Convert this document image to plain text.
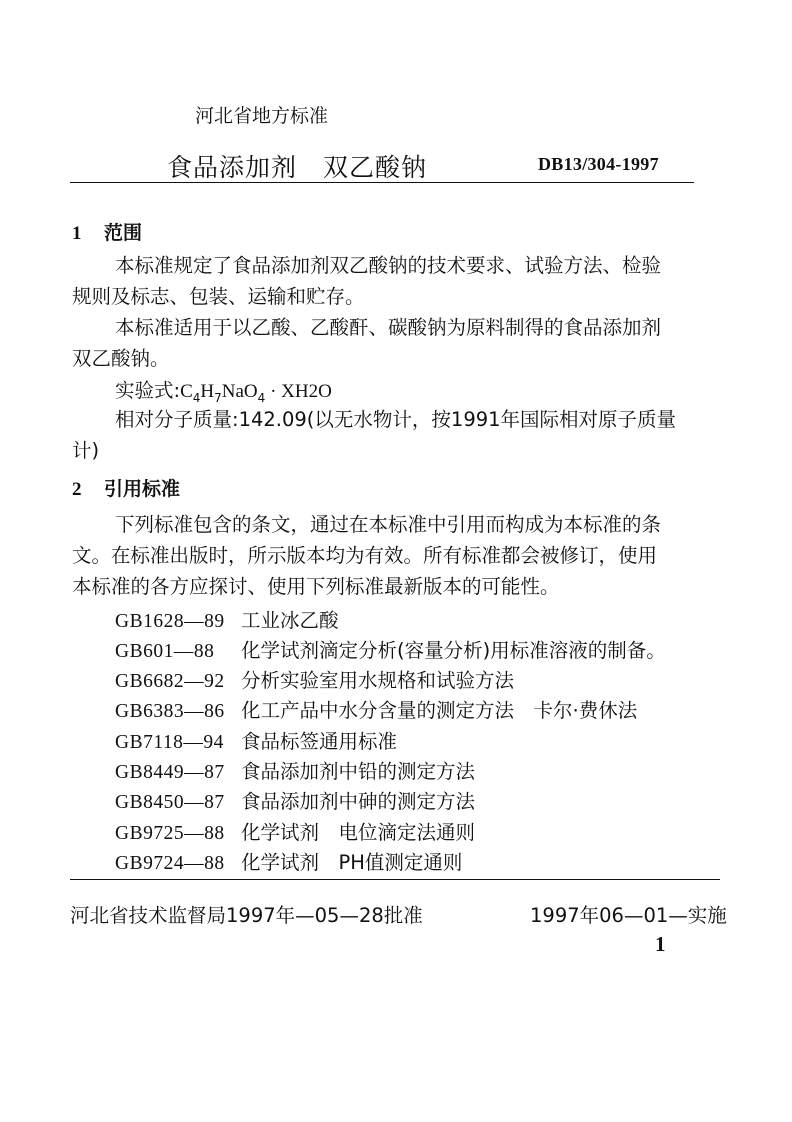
河北省地方标准
食品添加剂 双乙酸钠	DB13/304-1997
1 范围
本标准规定了食品添加剂双乙酸钠的技术要求、试验方法、检验
规则及标志、包装、运输和贮存。
本标准适用于以乙酸、乙酸酐、碳酸钠为原料制得的食品添加剂
双乙酸钠。
实验式$:C_4H_7NaO_4 \cdot XH2O$
相对分子质量:142.09(以无水物计，按1991年国际相对原子质量
计)
2 引用标准
下列标准包含的条文，通过在本标准中引用而构成为本标准的条
文。在标准出版时，所示版本均为有效。所有标准都会被修订，使用
本标准的各方应探讨、使用下列标准最新版本的可能性。
GB1628—89 工业冰乙酸
GB601—88 化学试剂滴定分析(容量分析)用标准溶液的制备。
GB6682—92 分析实验室用水规格和试验方法
GB6383—86 化工产品中水分含量的测定方法　卡尔·费休法
GB7118—94 食品标签通用标准
GB8449—87 食品添加剂中铅的测定方法
GB8450—87 食品添加剂中砷的测定方法
GB9725—88 化学试剂　电位滴定法通则
GB9724—88 化学试剂　PH值测定通则
河北省技术监督局1997年—05—28批准	1997年06—01—实施
1
